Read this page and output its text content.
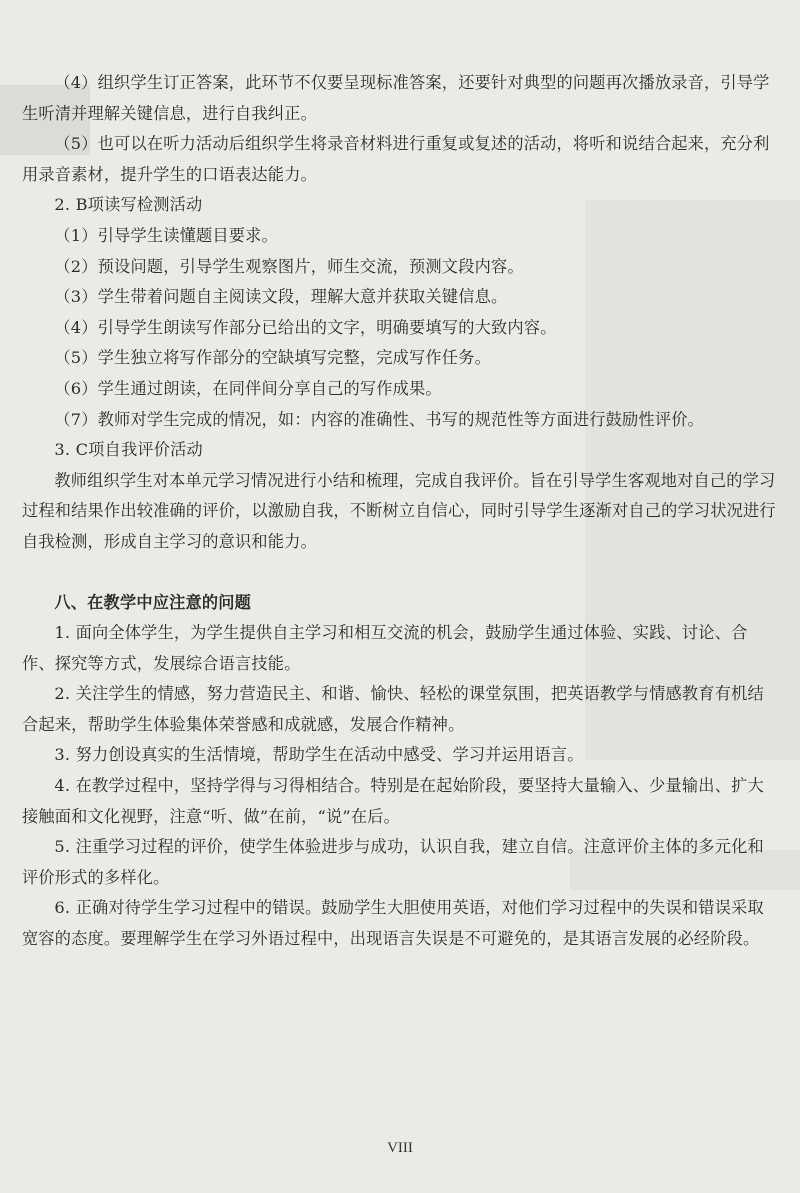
（4）组织学生订正答案，此环节不仅要呈现标准答案，还要针对典型的问题再次播放录音，引导学生听清并理解关键信息，进行自我纠正。

（5）也可以在听力活动后组织学生将录音材料进行重复或复述的活动，将听和说结合起来，充分利用录音素材，提升学生的口语表达能力。

2. B项读写检测活动

（1）引导学生读懂题目要求。

（2）预设问题，引导学生观察图片，师生交流，预测文段内容。

（3）学生带着问题自主阅读文段，理解大意并获取关键信息。

（4）引导学生朗读写作部分已给出的文字，明确要填写的大致内容。

（5）学生独立将写作部分的空缺填写完整，完成写作任务。

（6）学生通过朗读，在同伴间分享自己的写作成果。

（7）教师对学生完成的情况，如：内容的准确性、书写的规范性等方面进行鼓励性评价。

3. C项自我评价活动

教师组织学生对本单元学习情况进行小结和梳理，完成自我评价。旨在引导学生客观地对自己的学习过程和结果作出较准确的评价，以激励自我，不断树立自信心，同时引导学生逐渐对自己的学习状况进行自我检测，形成自主学习的意识和能力。

八、在教学中应注意的问题

1. 面向全体学生，为学生提供自主学习和相互交流的机会，鼓励学生通过体验、实践、讨论、合作、探究等方式，发展综合语言技能。

2. 关注学生的情感，努力营造民主、和谐、愉快、轻松的课堂氛围，把英语教学与情感教育有机结合起来，帮助学生体验集体荣誉感和成就感，发展合作精神。

3. 努力创设真实的生活情境，帮助学生在活动中感受、学习并运用语言。

4. 在教学过程中，坚持学得与习得相结合。特别是在起始阶段，要坚持大量输入、少量输出、扩大接触面和文化视野，注意“听、做”在前，“说”在后。

5. 注重学习过程的评价，使学生体验进步与成功，认识自我，建立自信。注意评价主体的多元化和评价形式的多样化。

6. 正确对待学生学习过程中的错误。鼓励学生大胆使用英语，对他们学习过程中的失误和错误采取宽容的态度。要理解学生在学习外语过程中，出现语言失误是不可避免的，是其语言发展的必经阶段。

VIII
